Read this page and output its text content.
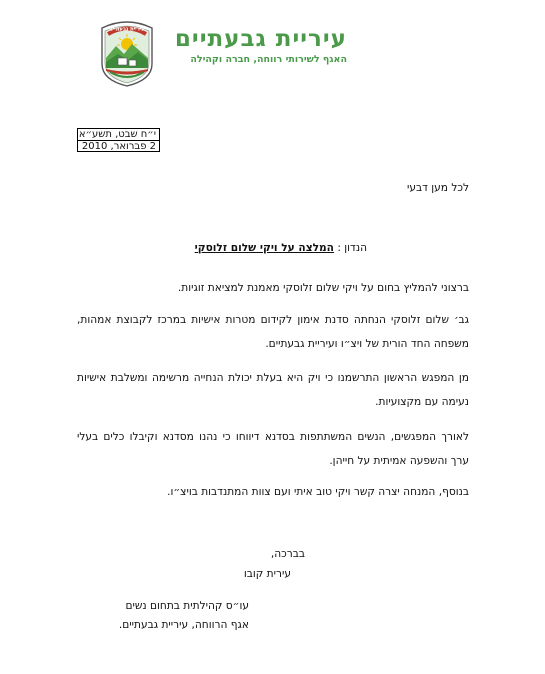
עיריית גבעתיים עיריית גבעתיים
האגף לשירותי רווחה, חברה וקהילה
י״ח שבט, תשע״א
2 פברואר, 2010
לכל מען דבעי
הנדון : המלצה על ויקי שלום זלוסקי
ברצוני להמליץ בחום על ויקי שלום זלוסקי מאמנת למציאת זוגיות.
גב׳ שלום זלוסקי הנחתה סדנת אימון לקידום מטרות אישיות במרכז לקבוצת אמהות, משפחה החד הורית של ויצ״ו ועיריית גבעתיים.
מן המפגש הראשון התרשמנו כי ויק היא בעלת יכולת הנחייה מרשימה ומשלבת אישיות נעימה עם מקצועיות.
לאורך המפגשים, הנשים המשתתפות בסדנא דיווחו כי נהנו מסדנא וקיבלו כלים בעלי ערך והשפעה אמיתית על חייהן.
בנוסף, המנחה יצרה קשר ויקי טוב איתי ועם צוות המתנדבות בויצ״ו.
בברכה,
עירית קובו
עו״ס קהילתית בתחום נשים
אגף הרווחה, עיריית גבעתיים.
